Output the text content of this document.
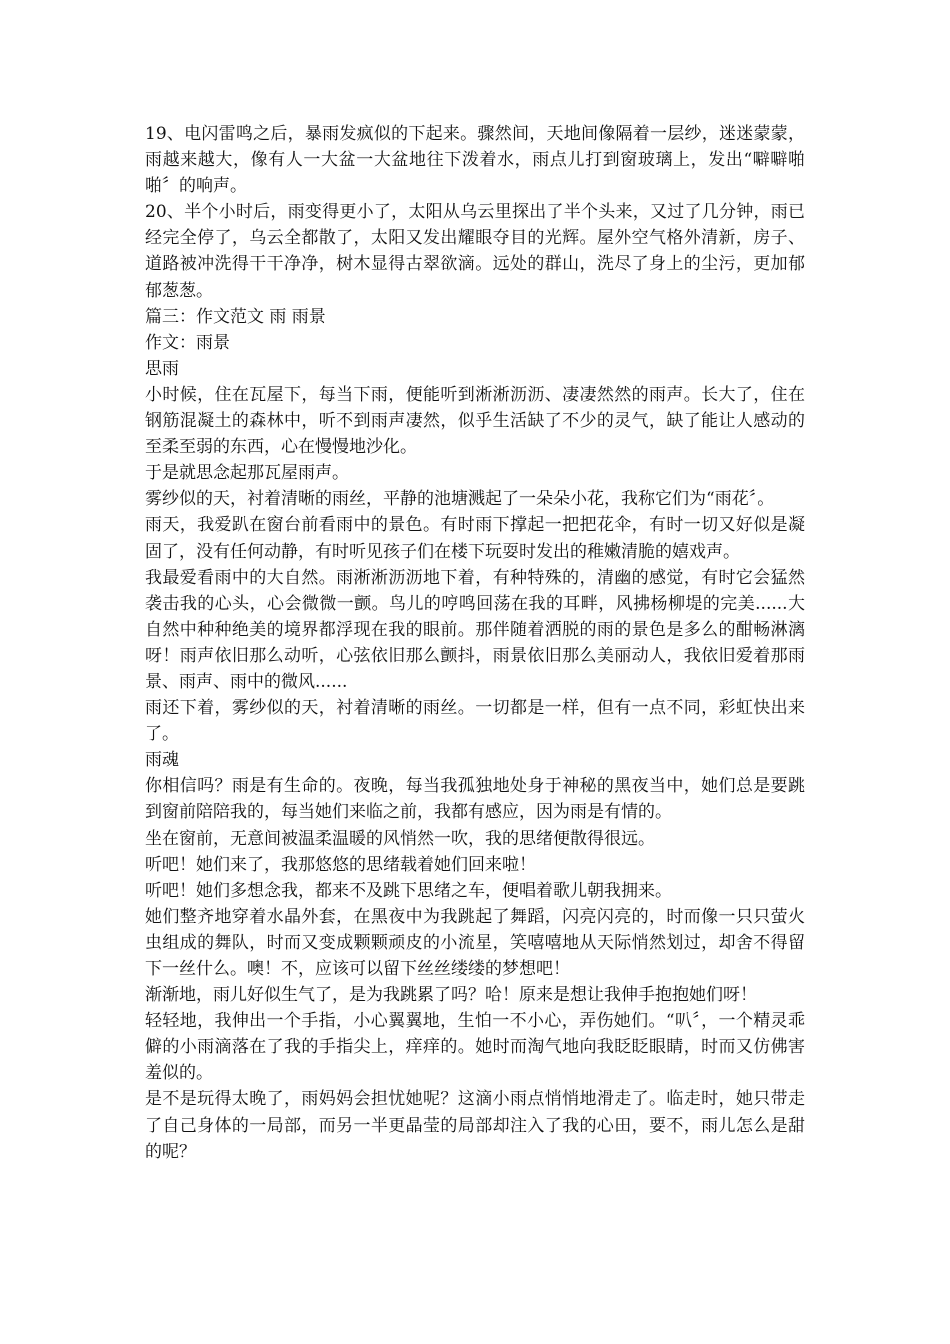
19、电闪雷鸣之后，暴雨发疯似的下起来。骤然间，天地间像隔着一层纱，迷迷蒙蒙，雨越来越大，像有人一大盆一大盆地往下泼着水，雨点儿打到窗玻璃上，发出“噼噼啪啪〞的响声。

20、半个小时后，雨变得更小了，太阳从乌云里探出了半个头来，又过了几分钟，雨已经完全停了，乌云全都散了，太阳又发出耀眼夺目的光辉。屋外空气格外清新，房子、道路被冲洗得干干净净，树木显得古翠欲滴。远处的群山，洗尽了身上的尘污，更加郁郁葱葱。

篇三：作文范文 雨 雨景

作文：雨景

思雨

小时候，住在瓦屋下，每当下雨，便能听到淅淅沥沥、凄凄然然的雨声。长大了，住在钢筋混凝土的森林中，听不到雨声凄然，似乎生活缺了不少的灵气，缺了能让人感动的至柔至弱的东西，心在慢慢地沙化。

于是就思念起那瓦屋雨声。

雾纱似的天，衬着清晰的雨丝，平静的池塘溅起了一朵朵小花，我称它们为“雨花〞。

雨天，我爱趴在窗台前看雨中的景色。有时雨下撑起一把把花伞，有时一切又好似是凝固了，没有任何动静，有时听见孩子们在楼下玩耍时发出的稚嫩清脆的嬉戏声。

我最爱看雨中的大自然。雨淅淅沥沥地下着，有种特殊的，清幽的感觉，有时它会猛然袭击我的心头，心会微微一颤。鸟儿的哼鸣回荡在我的耳畔，风拂杨柳堤的完美......大自然中种种绝美的境界都浮现在我的眼前。那伴随着洒脱的雨的景色是多么的酣畅淋漓呀！雨声依旧那么动听，心弦依旧那么颤抖，雨景依旧那么美丽动人，我依旧爱着那雨景、雨声、雨中的微风......

雨还下着，雾纱似的天，衬着清晰的雨丝。一切都是一样，但有一点不同，彩虹快出来了。

雨魂

你相信吗？雨是有生命的。夜晚，每当我孤独地处身于神秘的黑夜当中，她们总是要跳到窗前陪陪我的，每当她们来临之前，我都有感应，因为雨是有情的。

坐在窗前，无意间被温柔温暖的风悄然一吹，我的思绪便散得很远。

听吧！她们来了，我那悠悠的思绪载着她们回来啦！

听吧！她们多想念我，都来不及跳下思绪之车，便唱着歌儿朝我拥来。

她们整齐地穿着水晶外套，在黑夜中为我跳起了舞蹈，闪亮闪亮的，时而像一只只萤火虫组成的舞队，时而又变成颗颗顽皮的小流星，笑嘻嘻地从天际悄然划过，却舍不得留下一丝什么。噢！不，应该可以留下丝丝缕缕的梦想吧！

渐渐地，雨儿好似生气了，是为我跳累了吗？哈！原来是想让我伸手抱抱她们呀！

轻轻地，我伸出一个手指，小心翼翼地，生怕一不小心，弄伤她们。“叭〞，一个精灵乖僻的小雨滴落在了我的手指尖上，痒痒的。她时而淘气地向我眨眨眼睛，时而又仿佛害羞似的。

是不是玩得太晚了，雨妈妈会担忧她呢？这滴小雨点悄悄地滑走了。临走时，她只带走了自己身体的一局部，而另一半更晶莹的局部却注入了我的心田，要不，雨儿怎么是甜的呢？
